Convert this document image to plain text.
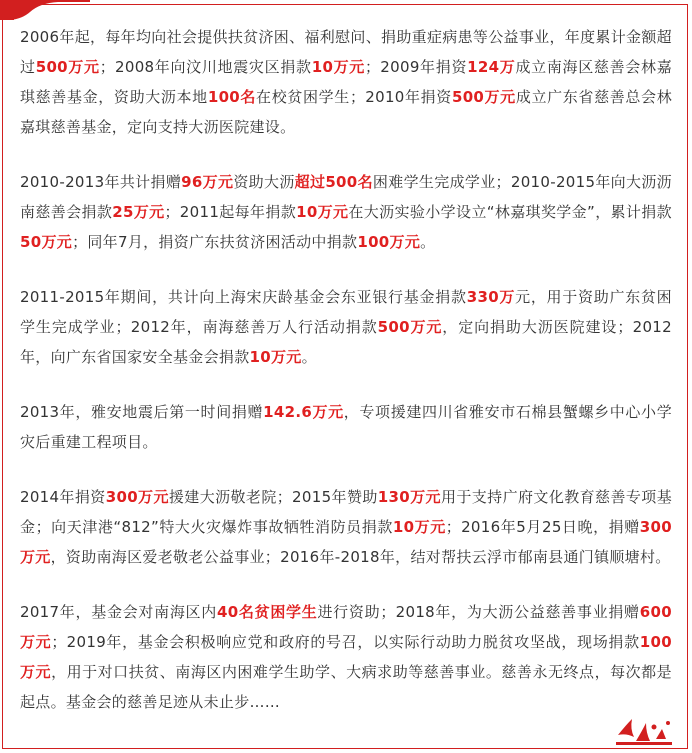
2006年起，每年均向社会提供扶贫济困、福利慰问、捐助重症病患等公益事业，年度累计金额超过500万元；2008年向汶川地震灾区捐款10万元；2009年捐资124万成立南海区慈善会林嘉琪慈善基金，资助大沥本地100名在校贫困学生；2010年捐资500万元成立广东省慈善总会林嘉琪慈善基金，定向支持大沥医院建设。

2010-2013年共计捐赠96万元资助大沥超过500名困难学生完成学业；2010-2015年向大沥沥南慈善会捐款25万元；2011起每年捐款10万元在大沥实验小学设立“林嘉琪奖学金”，累计捐款50万元；同年7月，捐资广东扶贫济困活动中捐款100万元。

2011-2015年期间，共计向上海宋庆龄基金会东亚银行基金捐款330万元，用于资助广东贫困学生完成学业；2012年，南海慈善万人行活动捐款500万元，定向捐助大沥医院建设；2012年，向广东省国家安全基金会捐款10万元。

2013年，雅安地震后第一时间捐赠142.6万元，专项援建四川省雅安市石棉县蟹螺乡中心小学灾后重建工程项目。

2014年捐资300万元援建大沥敬老院；2015年赞助130万元用于支持广府文化教育慈善专项基金；向天津港“812”特大火灾爆炸事故牺牲消防员捐款10万元；2016年5月25日晚，捐赠300万元，资助南海区爱老敬老公益事业；2016年-2018年，结对帮扶云浮市郁南县通门镇顺塘村。

2017年，基金会对南海区内40名贫困学生进行资助；2018年，为大沥公益慈善事业捐赠600万元；2019年，基金会积极响应党和政府的号召，以实际行动助力脱贫攻坚战，现场捐款100万元，用于对口扶贫、南海区内困难学生助学、大病求助等慈善事业。慈善永无终点，每次都是起点。基金会的慈善足迹从未止步……
